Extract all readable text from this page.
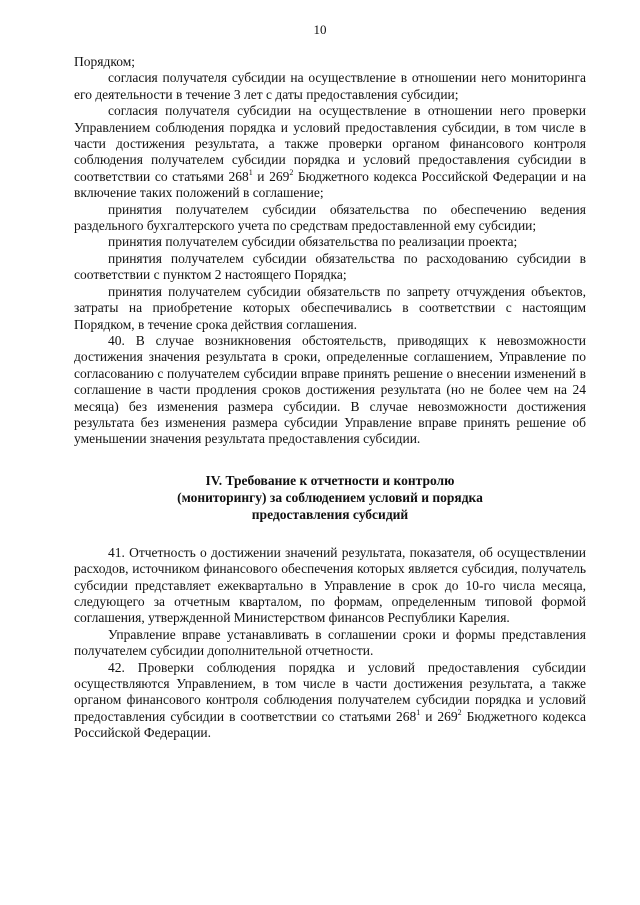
10

Порядком;

согласия получателя субсидии на осуществление в отношении него мониторинга его деятельности в течение 3 лет с даты предоставления субсидии;

согласия получателя субсидии на осуществление в отношении него проверки Управлением соблюдения порядка и условий предоставления субсидии, в том числе в части достижения результата, а также проверки органом финансового контроля соблюдения получателем субсидии порядка и условий предоставления субсидии в соответствии со статьями $268^1$ и $269^2$ Бюджетного кодекса Российской Федерации и на включение таких положений в соглашение;

принятия получателем субсидии обязательства по обеспечению ведения раздельного бухгалтерского учета по средствам предоставленной ему субсидии;

принятия получателем субсидии обязательства по реализации проекта;

принятия получателем субсидии обязательства по расходованию субсидии в соответствии с пунктом 2 настоящего Порядка;

принятия получателем субсидии обязательств по запрету отчуждения объектов, затраты на приобретение которых обеспечивались в соответствии с настоящим Порядком, в течение срока действия соглашения.

40. В случае возникновения обстоятельств, приводящих к невозможности достижения значения результата в сроки, определенные соглашением, Управление по согласованию с получателем субсидии вправе принять решение о внесении изменений в соглашение в части продления сроков достижения результата (но не более чем на 24 месяца) без изменения размера субсидии. В случае невозможности достижения результата без изменения размера субсидии Управление вправе принять решение об уменьшении значения результата предоставления субсидии.

IV. Требование к отчетности и контролю
(мониторингу) за соблюдением условий и порядка
предоставления субсидий

41. Отчетность о достижении значений результата, показателя, об осуществлении расходов, источником финансового обеспечения которых является субсидия, получатель субсидии представляет ежеквартально в Управление в срок до 10-го числа месяца, следующего за отчетным кварталом, по формам, определенным типовой формой соглашения, утвержденной Министерством финансов Республики Карелия.

Управление вправе устанавливать в соглашении сроки и формы представления получателем субсидии дополнительной отчетности.

42. Проверки соблюдения порядка и условий предоставления субсидии осуществляются Управлением, в том числе в части достижения результата, а также органом финансового контроля соблюдения получателем субсидии порядка и условий предоставления субсидии в соответствии со статьями $268^1$ и $269^2$ Бюджетного кодекса Российской Федерации.
